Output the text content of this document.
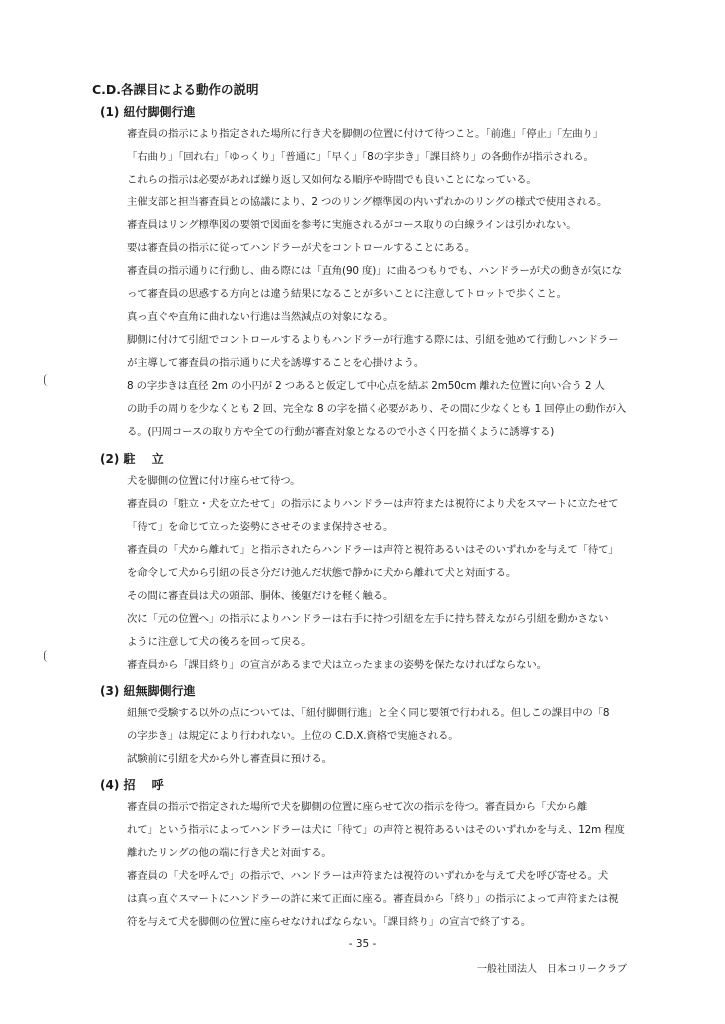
C.D.各課目による動作の説明
(1) 紐付脚側行進
審査員の指示により指定された場所に行き犬を脚側の位置に付けて待つこと。「前進」「停止」「左曲り」
「右曲り」「回れ右」「ゆっくり」「普通に」「早く」「8の字歩き」「課目終り」の各動作が指示される。
これらの指示は必要があれば繰り返し又如何なる順序や時間でも良いことになっている。
主催支部と担当審査員との協議により、2 つのリング標準図の内いずれかのリングの様式で使用される。
審査員はリング標準図の要領で図面を参考に実施されるがコース取りの白線ラインは引かれない。
要は審査員の指示に従ってハンドラーが犬をコントロールすることにある。
審査員の指示通りに行動し、曲る際には「直角(90 度)」に曲るつもりでも、ハンドラーが犬の動きが気にな
って審査員の思惑する方向とは違う結果になることが多いことに注意してトロットで歩くこと。
真っ直ぐや直角に曲れない行進は当然減点の対象になる。
脚側に付けて引紐でコントロールするよりもハンドラーが行進する際には、引紐を弛めて行動しハンドラー
が主導して審査員の指示通りに犬を誘導することを心掛けよう。
8 の字歩きは直径 2m の小円が 2 つあると仮定して中心点を結ぶ 2m50cm 離れた位置に向い合う 2 人
の助手の周りを少なくとも 2 回、完全な 8 の字を描く必要があり、その間に少なくとも 1 回停止の動作が入
る。(円周コースの取り方や全ての行動が審査対象となるので小さく円を描くように誘導する)
(2) 駐　 立
犬を脚側の位置に付け座らせて待つ。
審査員の「駐立・犬を立たせて」の指示によりハンドラーは声符または視符により犬をスマートに立たせて
「待て」を命じて立った姿勢にさせそのまま保持させる。
審査員の「犬から離れて」と指示されたらハンドラーは声符と視符あるいはそのいずれかを与えて「待て」
を命令して犬から引紐の長さ分だけ弛んだ状態で静かに犬から離れて犬と対面する。
その間に審査員は犬の頭部、胴体、後躯だけを軽く触る。
次に「元の位置へ」の指示によりハンドラーは右手に持つ引紐を左手に持ち替えながら引紐を動かさない
ように注意して犬の後ろを回って戻る。
審査員から「課目終り」の宣言があるまで犬は立ったままの姿勢を保たなければならない。
(3) 紐無脚側行進
紐無で受験する以外の点については、「紐付脚側行進」と全く同じ要領で行われる。但しこの課目中の「8
の字歩き」は規定により行われない。上位の C.D.X.資格で実施される。
試験前に引紐を犬から外し審査員に預ける。
(4) 招　 呼
審査員の指示で指定された場所で犬を脚側の位置に座らせて次の指示を待つ。審査員から「犬から離
れて」という指示によってハンドラーは犬に「待て」の声符と視符あるいはそのいずれかを与え、12m 程度
離れたリングの他の端に行き犬と対面する。
審査員の「犬を呼んで」の指示で、ハンドラーは声符または視符のいずれかを与えて犬を呼び寄せる。犬
は真っ直ぐスマートにハンドラーの許に来て正面に座る。審査員から「終り」の指示によって声符または視
符を与えて犬を脚側の位置に座らせなければならない。「課目終り」の宣言で終了する。
- 35 -
一般社団法人　日本コリークラブ
